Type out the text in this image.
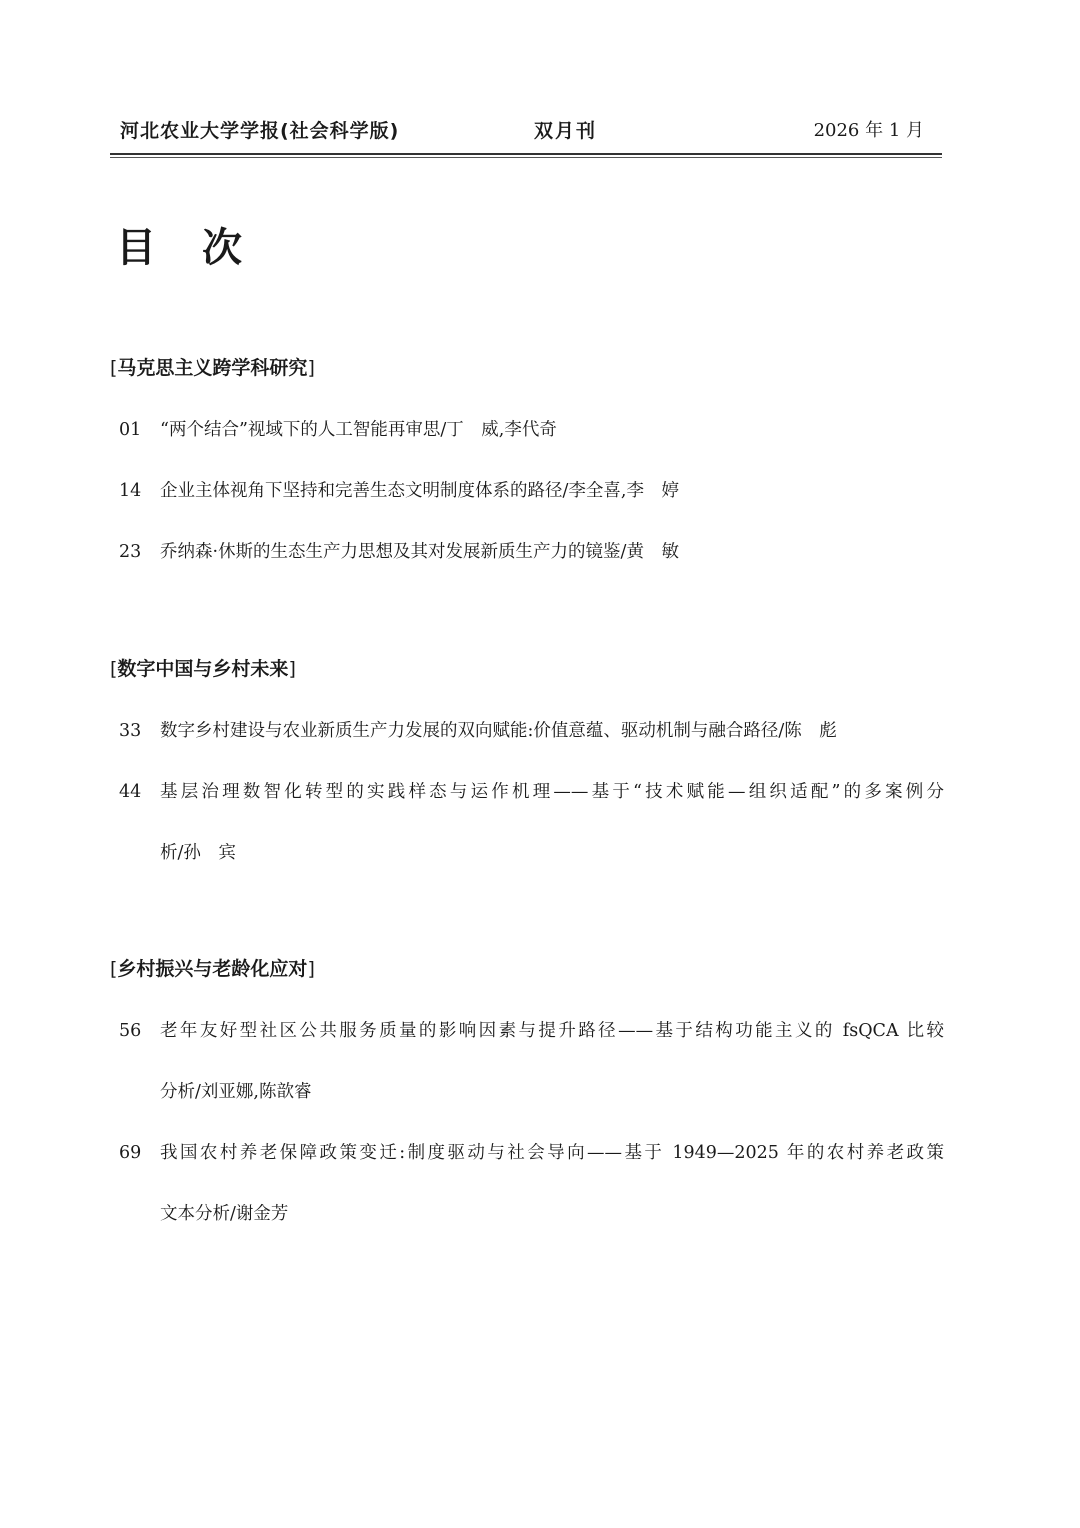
河北农业大学学报(社会科学版)	双月刊	2026 年 1 月
目次
[马克思主义跨学科研究]
01	“两个结合”视域下的人工智能再审思/丁　威,李代奇
14	企业主体视角下坚持和完善生态文明制度体系的路径/李全喜,李　婷
23	乔纳森·休斯的生态生产力思想及其对发展新质生产力的镜鉴/黄　敏
[数字中国与乡村未来]
33	数字乡村建设与农业新质生产力发展的双向赋能:价值意蕴、驱动机制与融合路径/陈　彪
44	基层治理数智化转型的实践样态与运作机理——基于“技术赋能—组织适配”的多案例分
析/孙　宾
[乡村振兴与老龄化应对]
56	老年友好型社区公共服务质量的影响因素与提升路径——基于结构功能主义的 fsQCA 比较
分析/刘亚娜,陈歆睿
69	我国农村养老保障政策变迁:制度驱动与社会导向——基于 1949—2025 年的农村养老政策
文本分析/谢金芳
